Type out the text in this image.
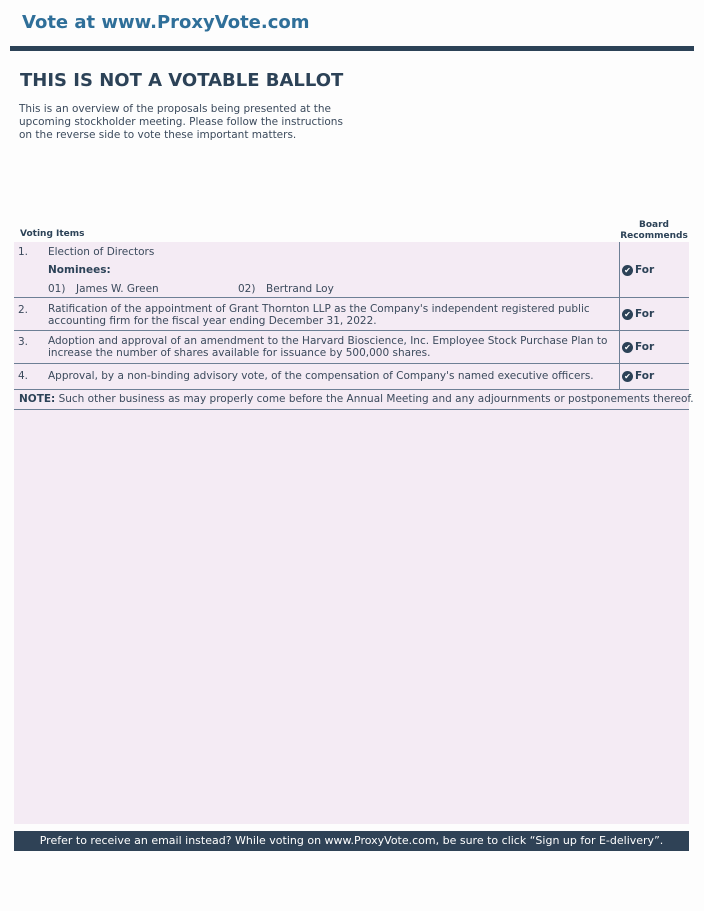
Vote at www.ProxyVote.com
THIS IS NOT A VOTABLE BALLOT
This is an overview of the proposals being presented at the upcoming stockholder meeting. Please follow the instructions on the reverse side to vote these important matters.
Voting Items
Board
Recommends
1. Election of Directors
Nominees:
01) James W. Green	02) Bertrand Loy
✔ For
2. Ratification of the appointment of Grant Thornton LLP as the Company's independent registered public accounting firm for the fiscal year ending December 31, 2022.
✔ For
3. Adoption and approval of an amendment to the Harvard Bioscience, Inc. Employee Stock Purchase Plan to increase the number of shares available for issuance by 500,000 shares.	✔ For
4. Approval, by a non-binding advisory vote, of the compensation of Company's named executive officers.	✔ For
NOTE: Such other business as may properly come before the Annual Meeting and any adjournments or postponements thereof.
Prefer to receive an email instead? While voting on www.ProxyVote.com, be sure to click “Sign up for E-delivery”.
